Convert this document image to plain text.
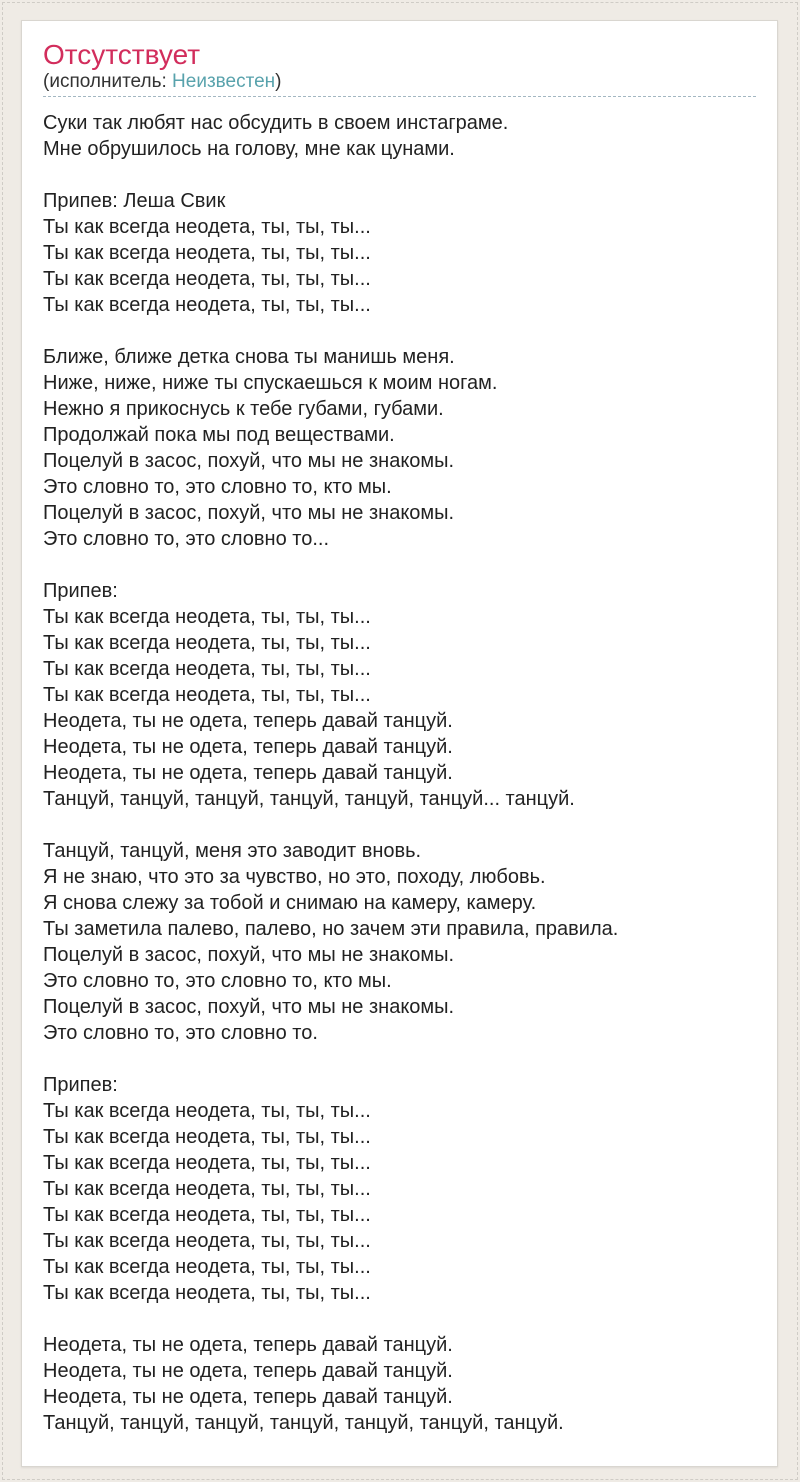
Отсутствует
(исполнитель: Неизвестен)
Суки так любят нас обсудить в своем инстаграме.
Мне обрушилось на голову, мне как цунами.
Припев: Леша Свик
Ты как всегда неодета, ты, ты, ты...
Ты как всегда неодета, ты, ты, ты...
Ты как всегда неодета, ты, ты, ты...
Ты как всегда неодета, ты, ты, ты...
Ближе, ближе детка снова ты манишь меня.
Ниже, ниже, ниже ты спускаешься к моим ногам.
Нежно я прикоснусь к тебе губами, губами.
Продолжай пока мы под веществами.
Поцелуй в засос, похуй, что мы не знакомы.
Это словно то, это словно то, кто мы.
Поцелуй в засос, похуй, что мы не знакомы.
Это словно то, это словно то...
Припев:
Ты как всегда неодета, ты, ты, ты...
Ты как всегда неодета, ты, ты, ты...
Ты как всегда неодета, ты, ты, ты...
Ты как всегда неодета, ты, ты, ты...
Неодета, ты не одета, теперь давай танцуй.
Неодета, ты не одета, теперь давай танцуй.
Неодета, ты не одета, теперь давай танцуй.
Танцуй, танцуй, танцуй, танцуй, танцуй, танцуй... танцуй.
Танцуй, танцуй, меня это заводит вновь.
Я не знаю, что это за чувство, но это, походу, любовь.
Я снова слежу за тобой и снимаю на камеру, камеру.
Ты заметила палево, палево, но зачем эти правила, правила.
Поцелуй в засос, похуй, что мы не знакомы.
Это словно то, это словно то, кто мы.
Поцелуй в засос, похуй, что мы не знакомы.
Это словно то, это словно то.
Припев:
Ты как всегда неодета, ты, ты, ты...
Ты как всегда неодета, ты, ты, ты...
Ты как всегда неодета, ты, ты, ты...
Ты как всегда неодета, ты, ты, ты...
Ты как всегда неодета, ты, ты, ты...
Ты как всегда неодета, ты, ты, ты...
Ты как всегда неодета, ты, ты, ты...
Ты как всегда неодета, ты, ты, ты...
Неодета, ты не одета, теперь давай танцуй.
Неодета, ты не одета, теперь давай танцуй.
Неодета, ты не одета, теперь давай танцуй.
Танцуй, танцуй, танцуй, танцуй, танцуй, танцуй, танцуй.
